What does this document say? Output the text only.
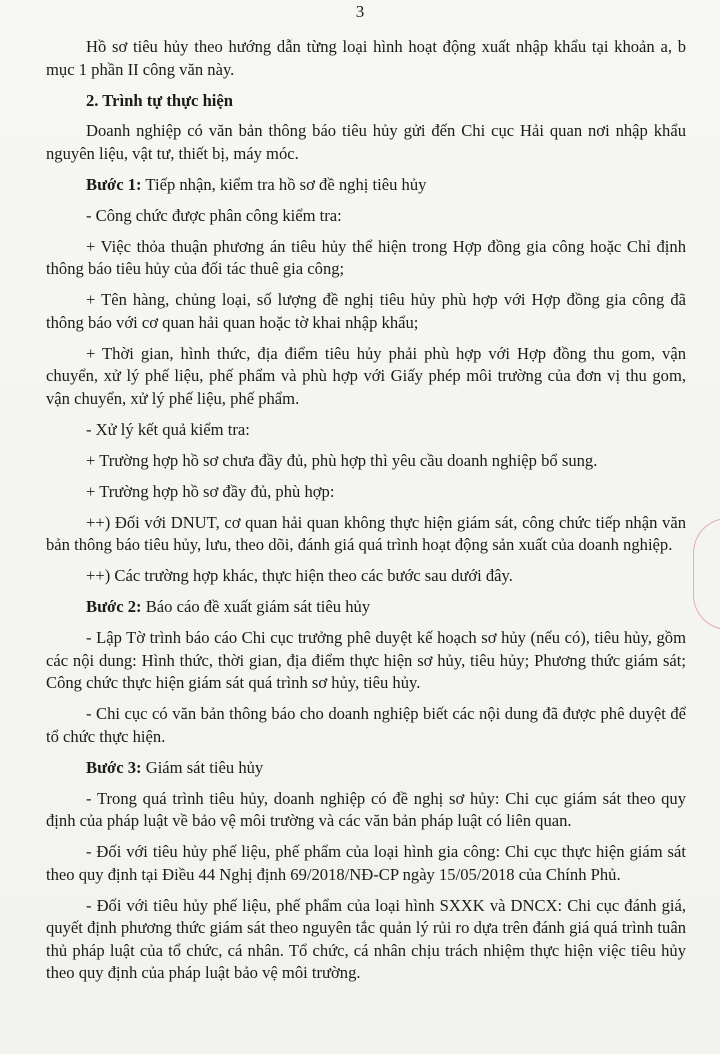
3

Hồ sơ tiêu hủy theo hướng dẫn từng loại hình hoạt động xuất nhập khẩu tại khoản a, b mục 1 phần II công văn này.

2. Trình tự thực hiện

Doanh nghiệp có văn bản thông báo tiêu hủy gửi đến Chi cục Hải quan nơi nhập khẩu nguyên liệu, vật tư, thiết bị, máy móc.

Bước 1: Tiếp nhận, kiểm tra hồ sơ đề nghị tiêu hủy

- Công chức được phân công kiểm tra:

+ Việc thỏa thuận phương án tiêu hủy thể hiện trong Hợp đồng gia công hoặc Chỉ định thông báo tiêu hủy của đối tác thuê gia công;

+ Tên hàng, chủng loại, số lượng đề nghị tiêu hủy phù hợp với Hợp đồng gia công đã thông báo với cơ quan hải quan hoặc tờ khai nhập khẩu;

+ Thời gian, hình thức, địa điểm tiêu hủy phải phù hợp với Hợp đồng thu gom, vận chuyển, xử lý phế liệu, phế phẩm và phù hợp với Giấy phép môi trường của đơn vị thu gom, vận chuyển, xử lý phế liệu, phế phẩm.

- Xử lý kết quả kiểm tra:

+ Trường hợp hồ sơ chưa đầy đủ, phù hợp thì yêu cầu doanh nghiệp bổ sung.

+ Trường hợp hồ sơ đầy đủ, phù hợp:

++) Đối với DNUT, cơ quan hải quan không thực hiện giám sát, công chức tiếp nhận văn bản thông báo tiêu hủy, lưu, theo dõi, đánh giá quá trình hoạt động sản xuất của doanh nghiệp.

++) Các trường hợp khác, thực hiện theo các bước sau dưới đây.

Bước 2: Báo cáo đề xuất giám sát tiêu hủy

- Lập Tờ trình báo cáo Chi cục trưởng phê duyệt kế hoạch sơ hủy (nếu có), tiêu hủy, gồm các nội dung: Hình thức, thời gian, địa điểm thực hiện sơ hủy, tiêu hủy; Phương thức giám sát; Công chức thực hiện giám sát quá trình sơ hủy, tiêu hủy.

- Chi cục có văn bản thông báo cho doanh nghiệp biết các nội dung đã được phê duyệt để tổ chức thực hiện.

Bước 3: Giám sát tiêu hủy

- Trong quá trình tiêu hủy, doanh nghiệp có đề nghị sơ hủy: Chi cục giám sát theo quy định của pháp luật về bảo vệ môi trường và các văn bản pháp luật có liên quan.

- Đối với tiêu hủy phế liệu, phế phẩm của loại hình gia công: Chi cục thực hiện giám sát theo quy định tại Điều 44 Nghị định 69/2018/NĐ-CP ngày 15/05/2018 của Chính Phủ.

- Đối với tiêu hủy phế liệu, phế phẩm của loại hình SXXK và DNCX: Chi cục đánh giá, quyết định phương thức giám sát theo nguyên tắc quản lý rủi ro dựa trên đánh giá quá trình tuân thủ pháp luật của tổ chức, cá nhân. Tổ chức, cá nhân chịu trách nhiệm thực hiện việc tiêu hủy theo quy định của pháp luật bảo vệ môi trường.
